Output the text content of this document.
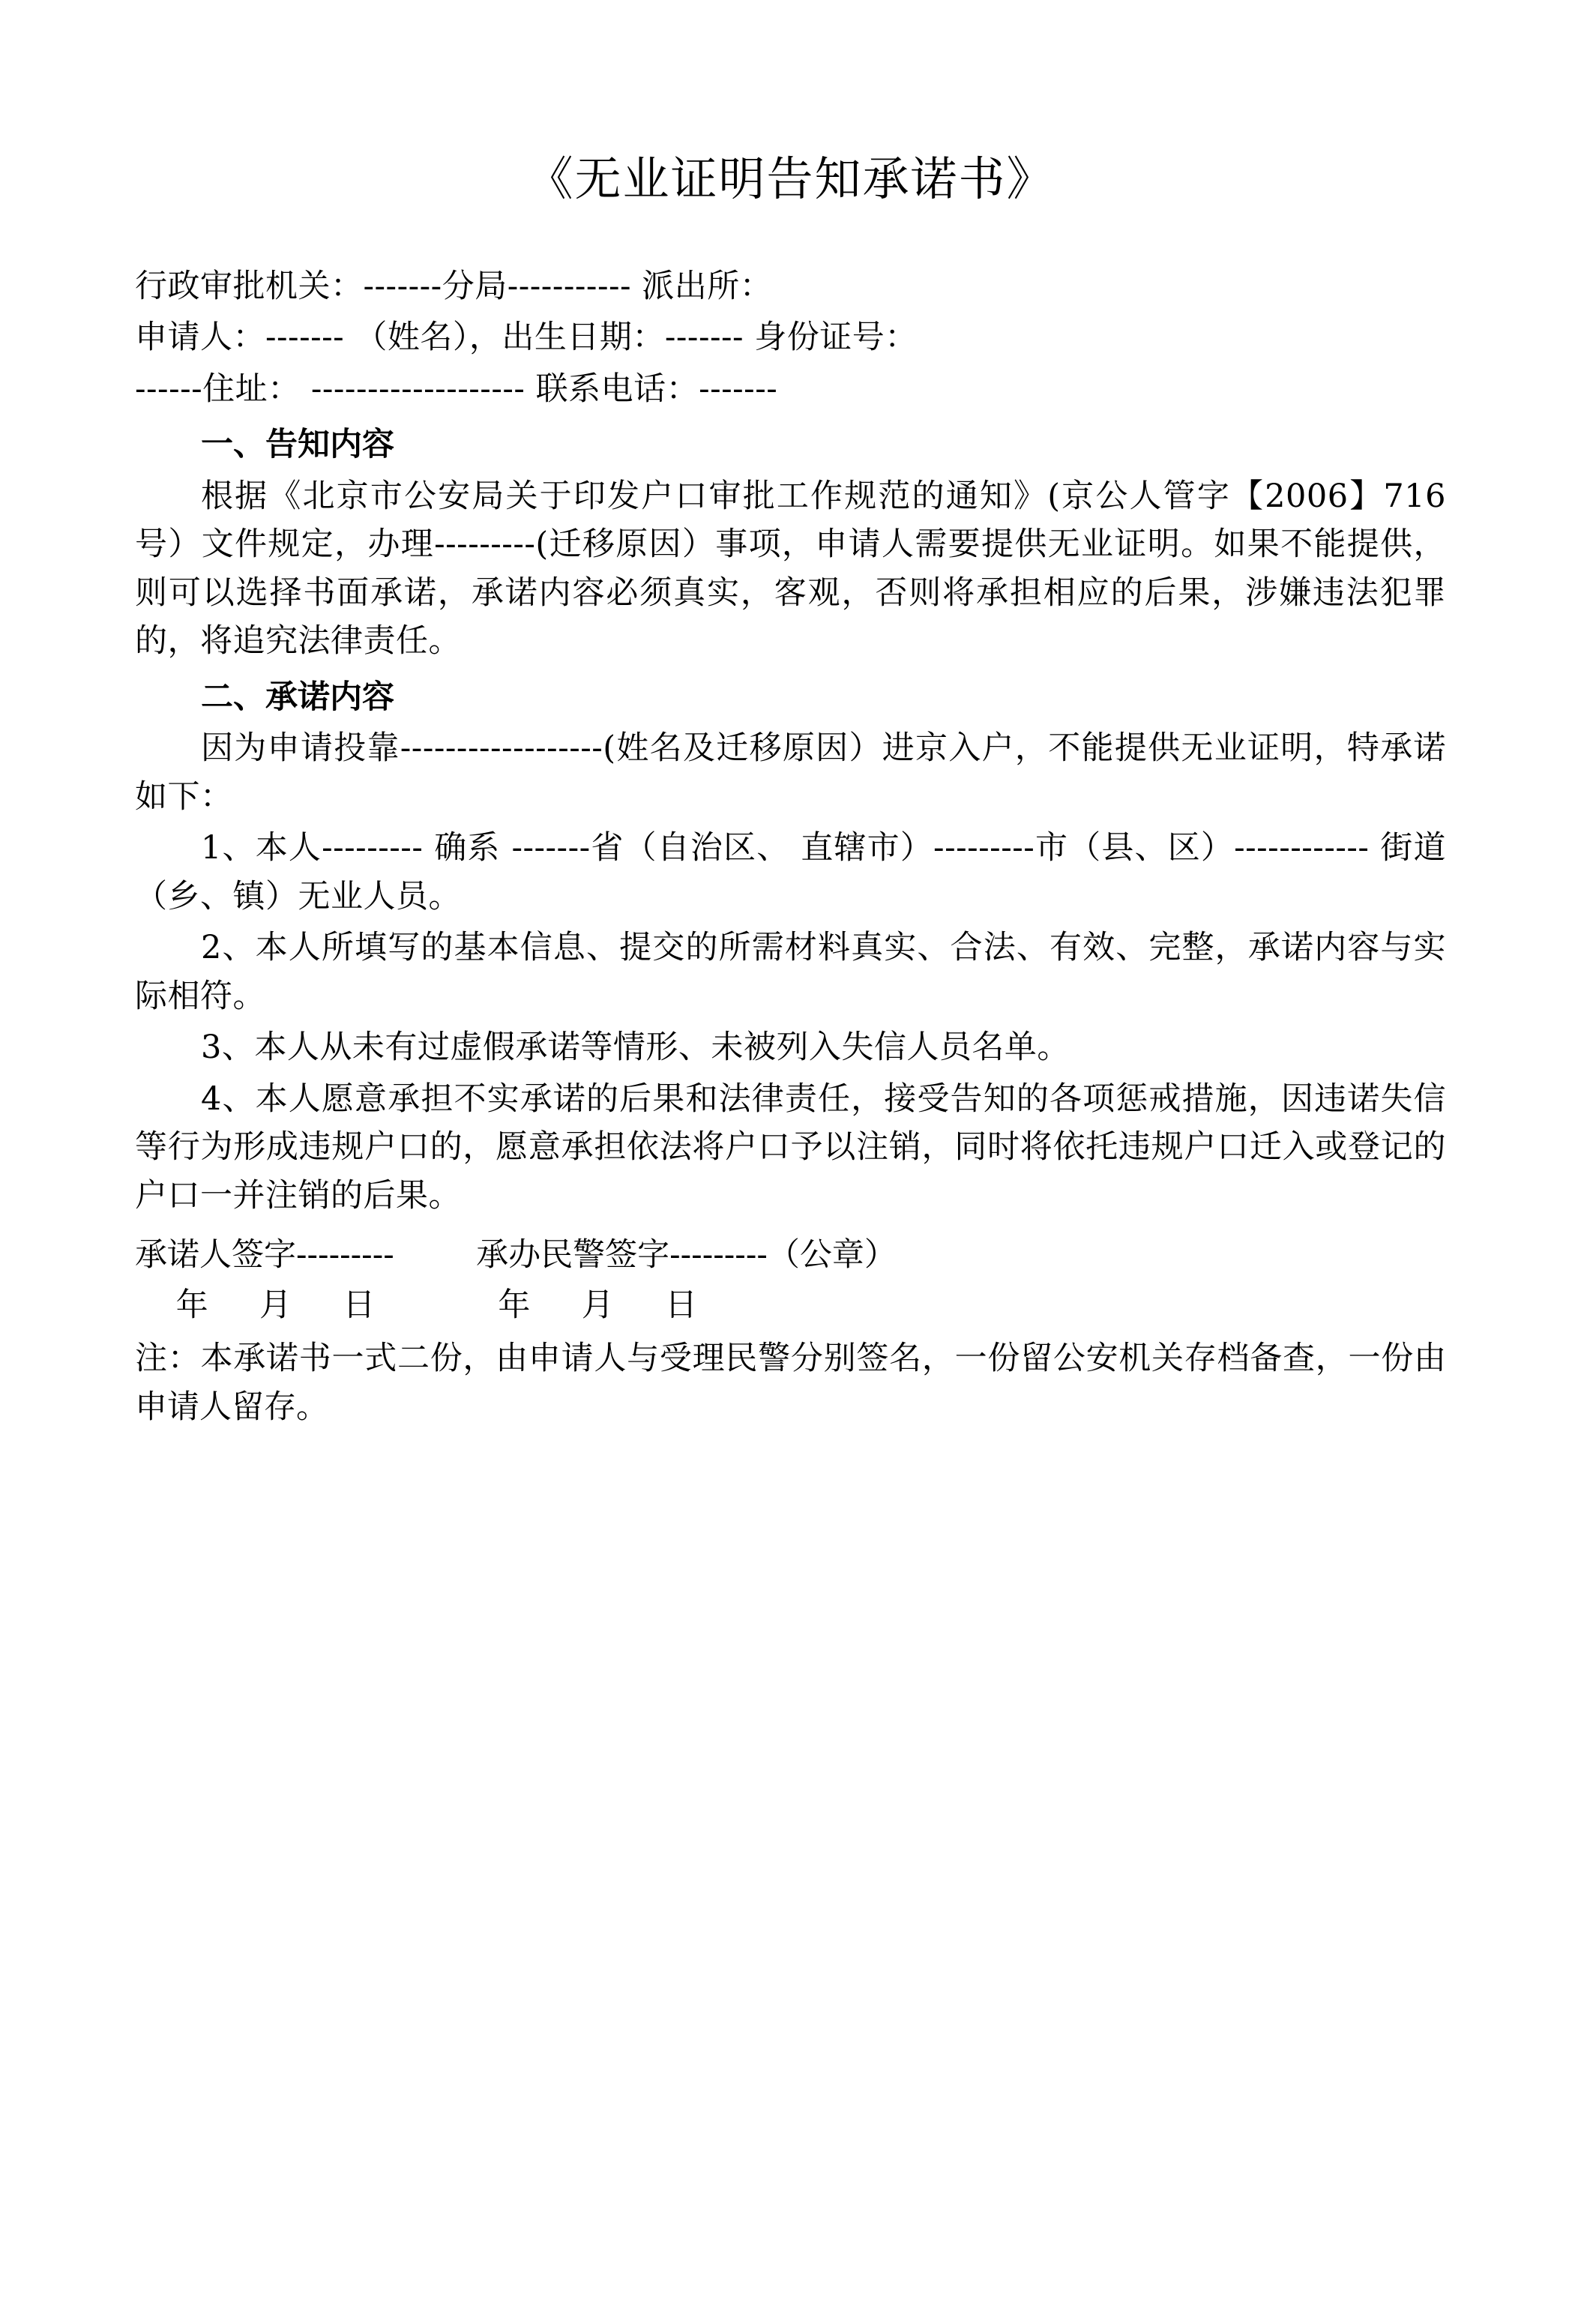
《无业证明告知承诺书》

行政审批机关：-------分局----------- 派出所：

申请人：------- （姓名），出生日期：------- 身份证号：

------住址： ------------------- 联系电话：-------

一、告知内容

根据《北京市公安局关于印发户口审批工作规范的通知》(京公人管字【2006】716 号）文件规定，办理---------(迁移原因）事项，申请人需要提供无业证明。如果不能提供，则可以选择书面承诺，承诺内容必须真实，客观，否则将承担相应的后果，涉嫌违法犯罪的，将追究法律责任。

二、承诺内容

因为申请投靠------------------(姓名及迁移原因）进京入户，不能提供无业证明，特承诺如下：

1、本人--------- 确系 -------省（自治区、 直辖市）---------市（县、区）------------ 街道（乡、镇）无业人员。

2、本人所填写的基本信息、提交的所需材料真实、合法、有效、完整，承诺内容与实际相符。

3、本人从未有过虚假承诺等情形、未被列入失信人员名单。

4、本人愿意承担不实承诺的后果和法律责任，接受告知的各项惩戒措施，因违诺失信等行为形成违规户口的，愿意承担依法将户口予以注销，同时将依托违规户口迁入或登记的户口一并注销的后果。

承诺人签字---------        承办民警签字---------（公章）

年     月     日            年     月     日

注：本承诺书一式二份，由申请人与受理民警分别签名，一份留公安机关存档备查，一份由申请人留存。
